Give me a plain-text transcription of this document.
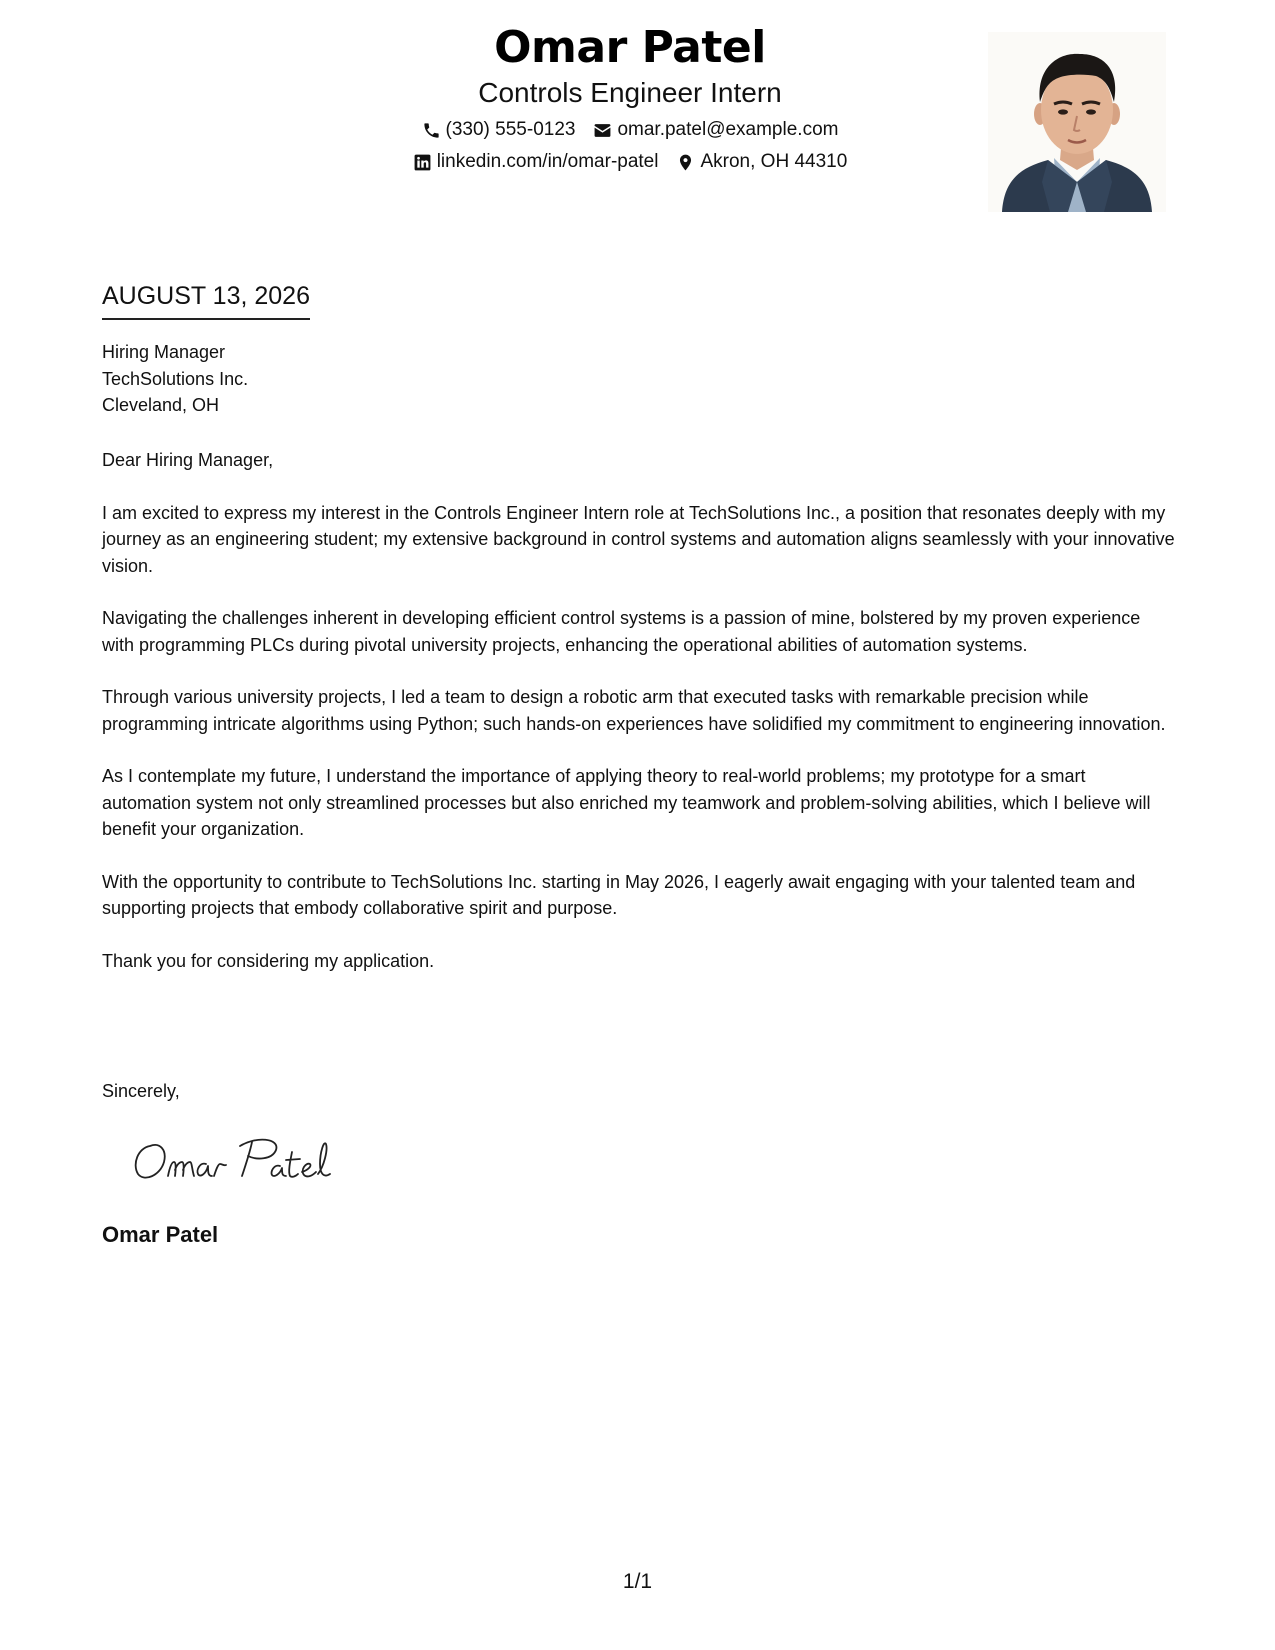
Omar Patel
Controls Engineer Intern
(330) 555-0123 omar.patel@example.com
linkedin.com/in/omar-patel Akron, OH 44310
AUGUST 13, 2026
Hiring Manager
TechSolutions Inc.
Cleveland, OH

Dear Hiring Manager,

I am excited to express my interest in the Controls Engineer Intern role at TechSolutions Inc., a position that resonates deeply with my journey as an engineering student; my extensive background in control systems and automation aligns seamlessly with your innovative vision.

Navigating the challenges inherent in developing efficient control systems is a passion of mine, bolstered by my proven experience with programming PLCs during pivotal university projects, enhancing the operational abilities of automation systems.

Through various university projects, I led a team to design a robotic arm that executed tasks with remarkable precision while programming intricate algorithms using Python; such hands-on experiences have solidified my commitment to engineering innovation.

As I contemplate my future, I understand the importance of applying theory to real-world problems; my prototype for a smart automation system not only streamlined processes but also enriched my teamwork and problem-solving abilities, which I believe will benefit your organization.

With the opportunity to contribute to TechSolutions Inc. starting in May 2026, I eagerly await engaging with your talented team and supporting projects that embody collaborative spirit and purpose.

Thank you for considering my application.

Sincerely,
Omar Patel
1/1
